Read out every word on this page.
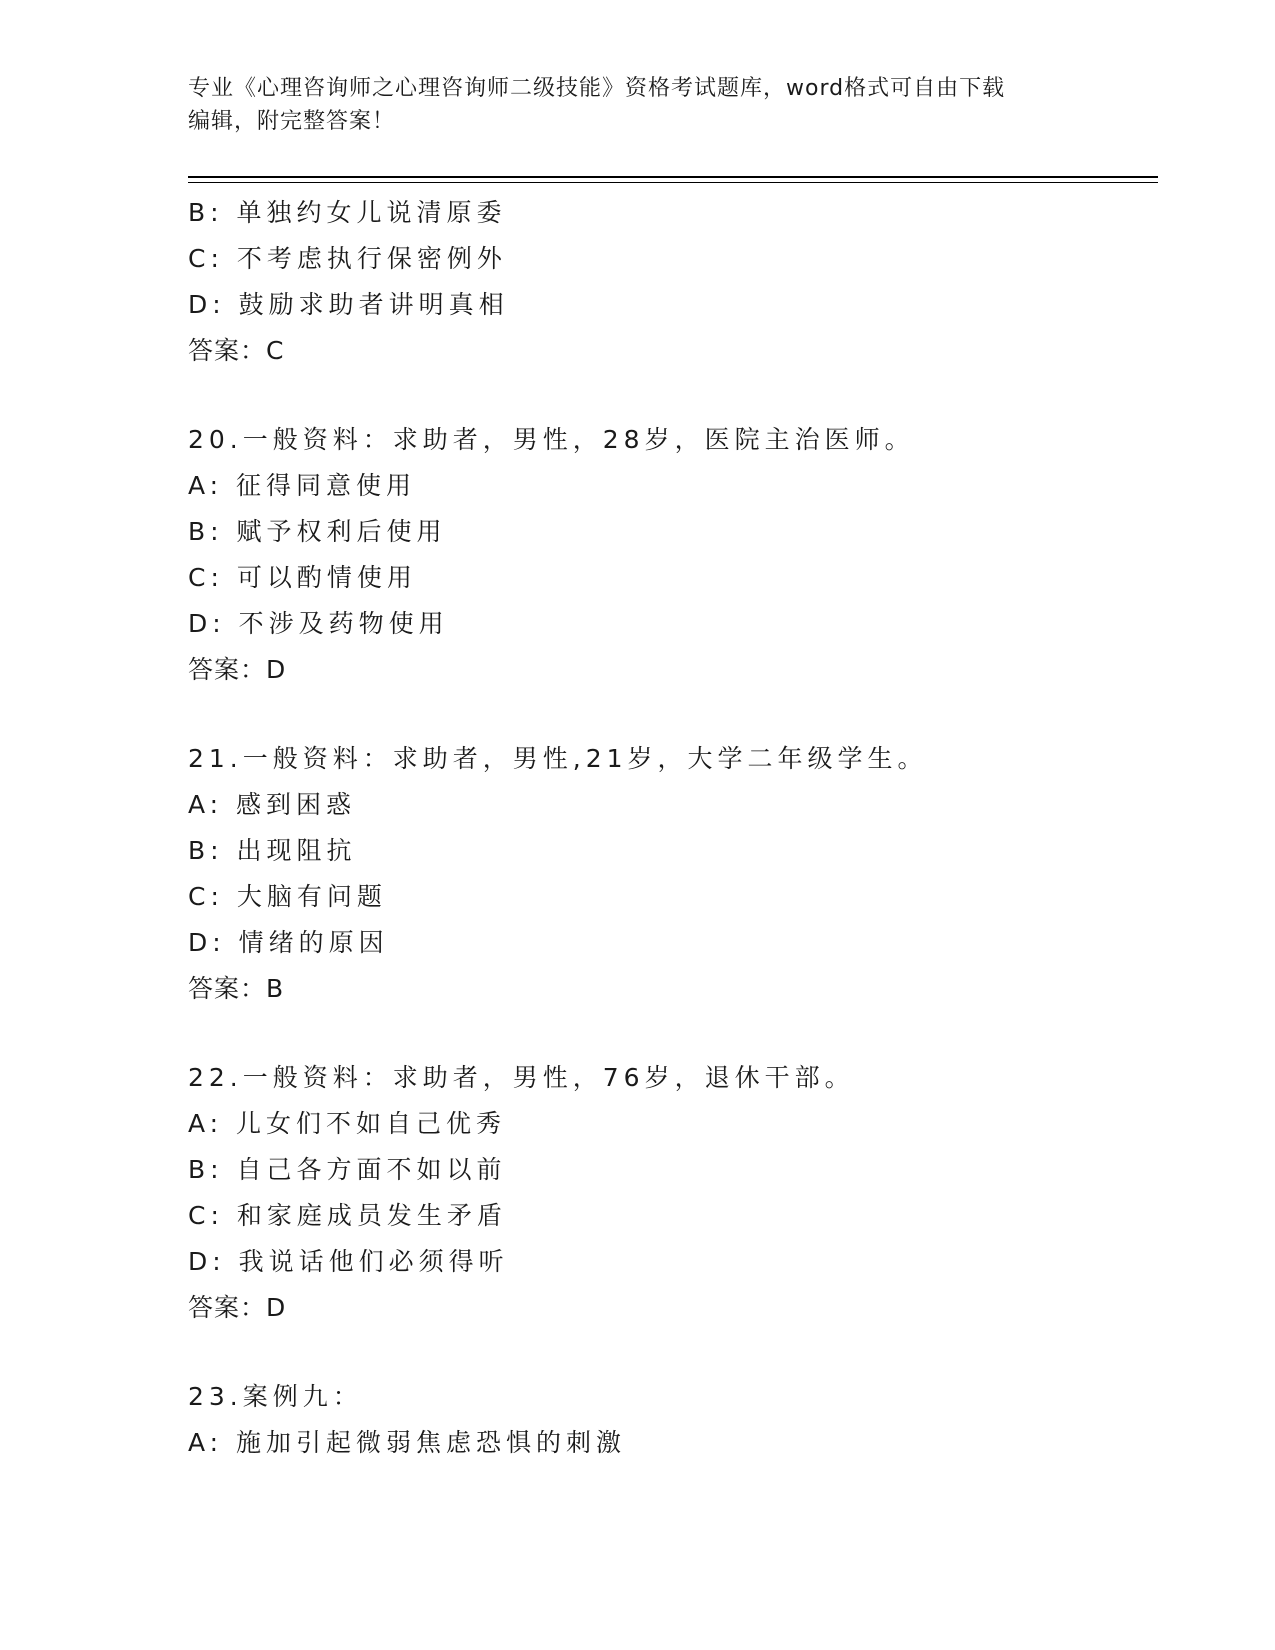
专业《心理咨询师之心理咨询师二级技能》资格考试题库，word格式可自由下载
编辑，附完整答案！
B: 单独约女儿说清原委
C: 不考虑执行保密例外
D: 鼓励求助者讲明真相
答案：C
20.一般资料：求助者，男性，28岁，医院主治医师。
A: 征得同意使用
B: 赋予权利后使用
C: 可以酌情使用
D: 不涉及药物使用
答案：D
21.一般资料：求助者，男性,21岁，大学二年级学生。
A: 感到困惑
B: 出现阻抗
C: 大脑有问题
D: 情绪的原因
答案：B
22.一般资料：求助者，男性，76岁，退休干部。
A: 儿女们不如自己优秀
B: 自己各方面不如以前
C: 和家庭成员发生矛盾
D: 我说话他们必须得听
答案：D
23.案例九：
A: 施加引起微弱焦虑恐惧的刺激
